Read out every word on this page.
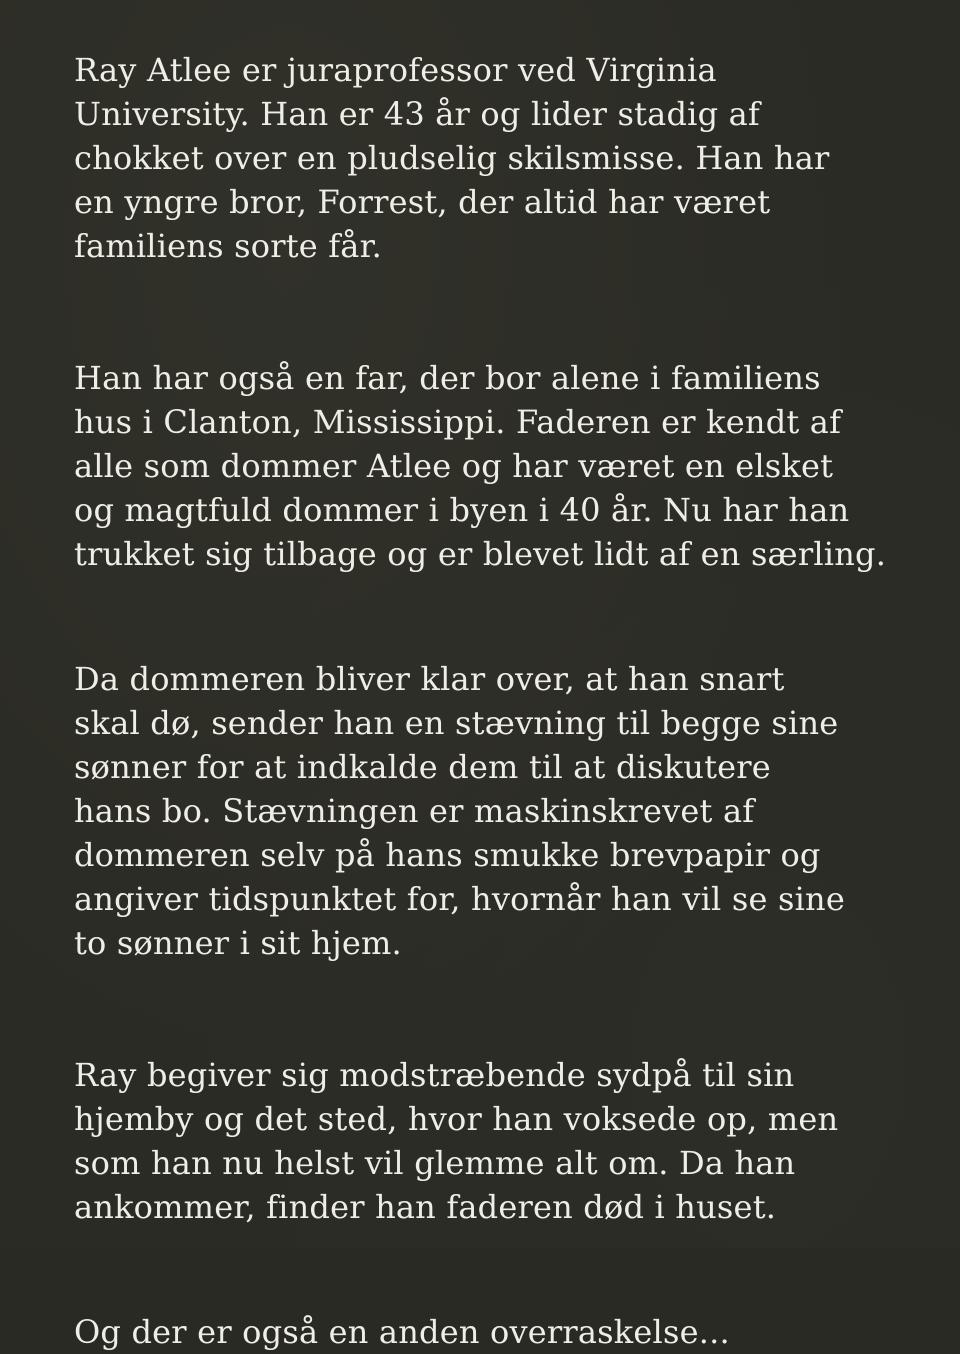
Ray Atlee er juraprofessor ved Virginia
University. Han er 43 år og lider stadig af
chokket over en pludselig skilsmisse. Han har
en yngre bror, Forrest, der altid har været
familiens sorte får.
Han har også en far, der bor alene i familiens
hus i Clanton, Mississippi. Faderen er kendt af
alle som dommer Atlee og har været en elsket
og magtfuld dommer i byen i 40 år. Nu har han
trukket sig tilbage og er blevet lidt af en særling.
Da dommeren bliver klar over, at han snart
skal dø, sender han en stævning til begge sine
sønner for at indkalde dem til at diskutere
hans bo. Stævningen er maskinskrevet af
dommeren selv på hans smukke brevpapir og
angiver tidspunktet for, hvornår han vil se sine
to sønner i sit hjem.
Ray begiver sig modstræbende sydpå til sin
hjemby og det sted, hvor han voksede op, men
som han nu helst vil glemme alt om. Da han
ankommer, finder han faderen død i huset.
Og der er også en anden overraskelse...
